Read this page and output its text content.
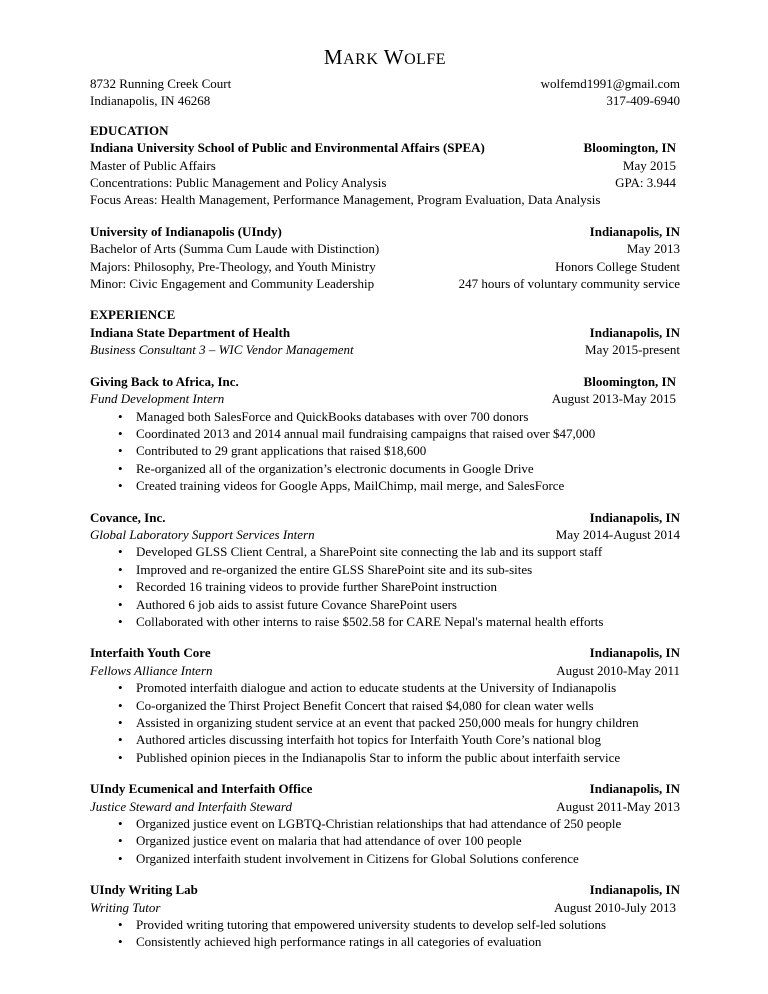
MARK WOLFE
8732 Running Creek Court	wolfemd1991@gmail.com
Indianapolis, IN 46268	317-409-6940
EDUCATION
Indiana University School of Public and Environmental Affairs (SPEA)	Bloomington, IN
Master of Public Affairs	May 2015
Concentrations: Public Management and Policy Analysis	GPA: 3.944
Focus Areas: Health Management, Performance Management, Program Evaluation, Data Analysis
University of Indianapolis (UIndy)	Indianapolis, IN
Bachelor of Arts (Summa Cum Laude with Distinction)	May 2013
Majors: Philosophy, Pre-Theology, and Youth Ministry	Honors College Student
Minor: Civic Engagement and Community Leadership	247 hours of voluntary community service
EXPERIENCE
Indiana State Department of Health	Indianapolis, IN
Business Consultant 3 – WIC Vendor Management	May 2015-present
Giving Back to Africa, Inc.	Bloomington, IN
Fund Development Intern	August 2013-May 2015
• Managed both SalesForce and QuickBooks databases with over 700 donors
• Coordinated 2013 and 2014 annual mail fundraising campaigns that raised over $47,000
• Contributed to 29 grant applications that raised $18,600
• Re-organized all of the organization’s electronic documents in Google Drive
• Created training videos for Google Apps, MailChimp, mail merge, and SalesForce
Covance, Inc.	Indianapolis, IN
Global Laboratory Support Services Intern	May 2014-August 2014
• Developed GLSS Client Central, a SharePoint site connecting the lab and its support staff
• Improved and re-organized the entire GLSS SharePoint site and its sub-sites
• Recorded 16 training videos to provide further SharePoint instruction
• Authored 6 job aids to assist future Covance SharePoint users
• Collaborated with other interns to raise $502.58 for CARE Nepal's maternal health efforts
Interfaith Youth Core	Indianapolis, IN
Fellows Alliance Intern	August 2010-May 2011
• Promoted interfaith dialogue and action to educate students at the University of Indianapolis
• Co-organized the Thirst Project Benefit Concert that raised $4,080 for clean water wells
• Assisted in organizing student service at an event that packed 250,000 meals for hungry children
• Authored articles discussing interfaith hot topics for Interfaith Youth Core’s national blog
• Published opinion pieces in the Indianapolis Star to inform the public about interfaith service
UIndy Ecumenical and Interfaith Office	Indianapolis, IN
Justice Steward and Interfaith Steward	August 2011-May 2013
• Organized justice event on LGBTQ-Christian relationships that had attendance of 250 people
• Organized justice event on malaria that had attendance of over 100 people
• Organized interfaith student involvement in Citizens for Global Solutions conference
UIndy Writing Lab	Indianapolis, IN
Writing Tutor	August 2010-July 2013
• Provided writing tutoring that empowered university students to develop self-led solutions
• Consistently achieved high performance ratings in all categories of evaluation
